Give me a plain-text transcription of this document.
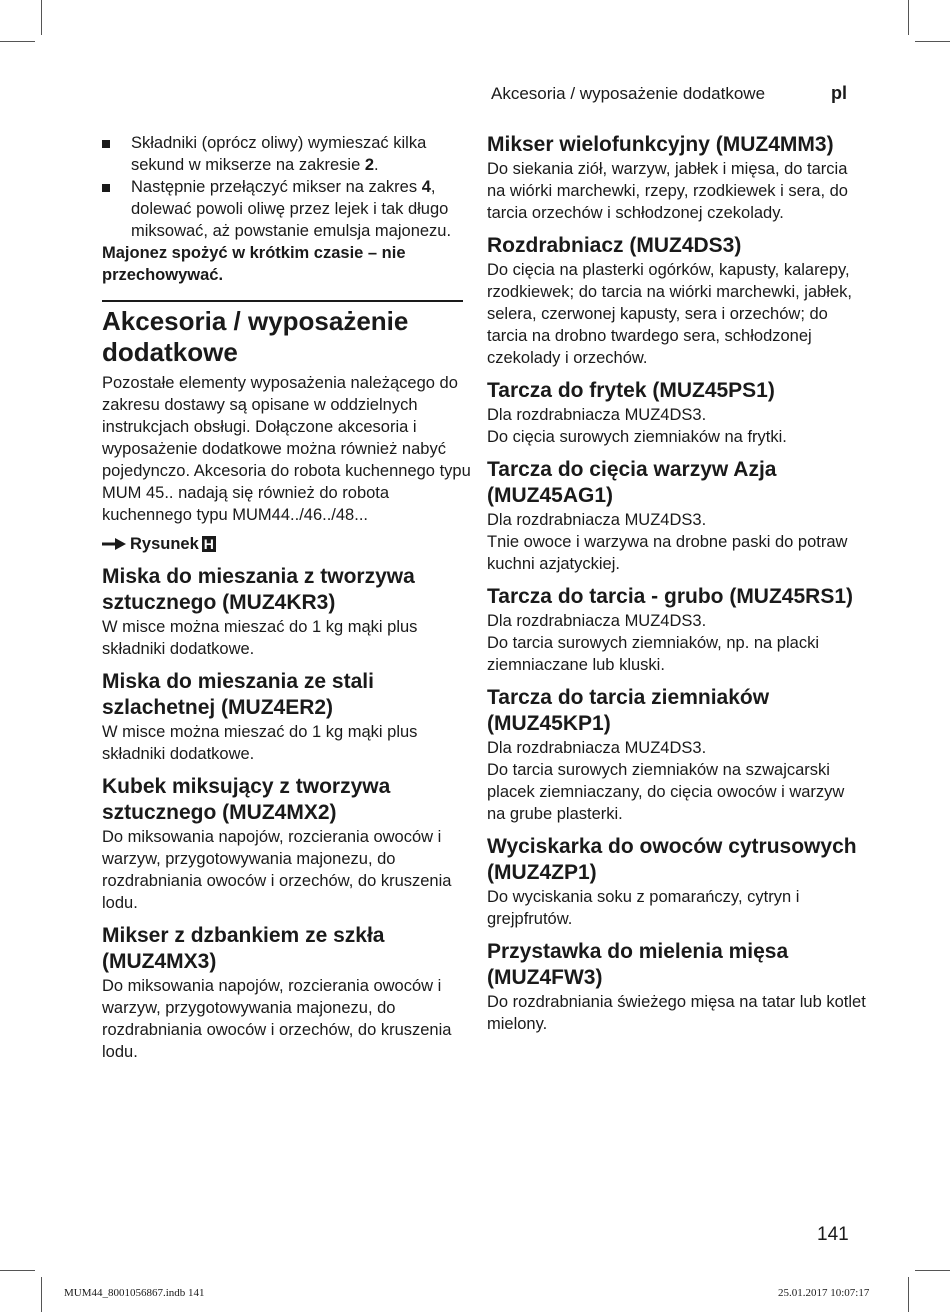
Akcesoria / wyposażenie dodatkowe	pl
Składniki (oprócz oliwy) wymieszać kilka sekund w mikserze na zakresie 2.
Następnie przełączyć mikser na zakres 4, dolewać powoli oliwę przez lejek i tak długo miksować, aż powstanie emulsja majonezu.
Majonez spożyć w krótkim czasie – nie przechowywać.
Akcesoria / wyposażenie dodatkowe
Pozostałe elementy wyposażenia należącego do zakresu dostawy są opisane w oddzielnych instrukcjach obsługi. Dołączone akcesoria i wyposażenie dodatkowe można również nabyć pojedynczo. Akcesoria do robota kuchennego typu MUM 45.. nadają się również do robota kuchennego typu MUM44../46../48...
Rysunek H
Miska do mieszania z tworzywa sztucznego (MUZ4KR3)
W misce można mieszać do 1 kg mąki plus składniki dodatkowe.
Miska do mieszania ze stali szlachetnej (MUZ4ER2)
W misce można mieszać do 1 kg mąki plus składniki dodatkowe.
Kubek miksujący z tworzywa sztucznego (MUZ4MX2)
Do miksowania napojów, rozcierania owoców i warzyw, przygotowywania majonezu, do rozdrabniania owoców i orzechów, do kruszenia lodu.
Mikser z dzbankiem ze szkła (MUZ4MX3)
Do miksowania napojów, rozcierania owoców i warzyw, przygotowywania majonezu, do rozdrabniania owoców i orzechów, do kruszenia lodu.
Mikser wielofunkcyjny (MUZ4MM3)
Do siekania ziół, warzyw, jabłek i mięsa, do tarcia na wiórki marchewki, rzepy, rzodkiewek i sera, do tarcia orzechów i schłodzonej czekolady.
Rozdrabniacz (MUZ4DS3)
Do cięcia na plasterki ogórków, kapusty, kalarepy, rzodkiewek; do tarcia na wiórki marchewki, jabłek, selera, czerwonej kapusty, sera i orzechów; do tarcia na drobno twardego sera, schłodzonej czekolady i orzechów.
Tarcza do frytek (MUZ45PS1)
Dla rozdrabniacza MUZ4DS3.
Do cięcia surowych ziemniaków na frytki.
Tarcza do cięcia warzyw Azja (MUZ45AG1)
Dla rozdrabniacza MUZ4DS3.
Tnie owoce i warzywa na drobne paski do potraw kuchni azjatyckiej.
Tarcza do tarcia - grubo (MUZ45RS1)
Dla rozdrabniacza MUZ4DS3.
Do tarcia surowych ziemniaków, np. na placki ziemniaczane lub kluski.
Tarcza do tarcia ziemniaków (MUZ45KP1)
Dla rozdrabniacza MUZ4DS3.
Do tarcia surowych ziemniaków na szwajcarski placek ziemniaczany, do cięcia owoców i warzyw na grube plasterki.
Wyciskarka do owoców cytrusowych (MUZ4ZP1)
Do wyciskania soku z pomarańczy, cytryn i grejpfrutów.
Przystawka do mielenia mięsa (MUZ4FW3)
Do rozdrabniania świeżego mięsa na tatar lub kotlet mielony.
141
MUM44_8001056867.indb 141	25.01.2017 10:07:17
